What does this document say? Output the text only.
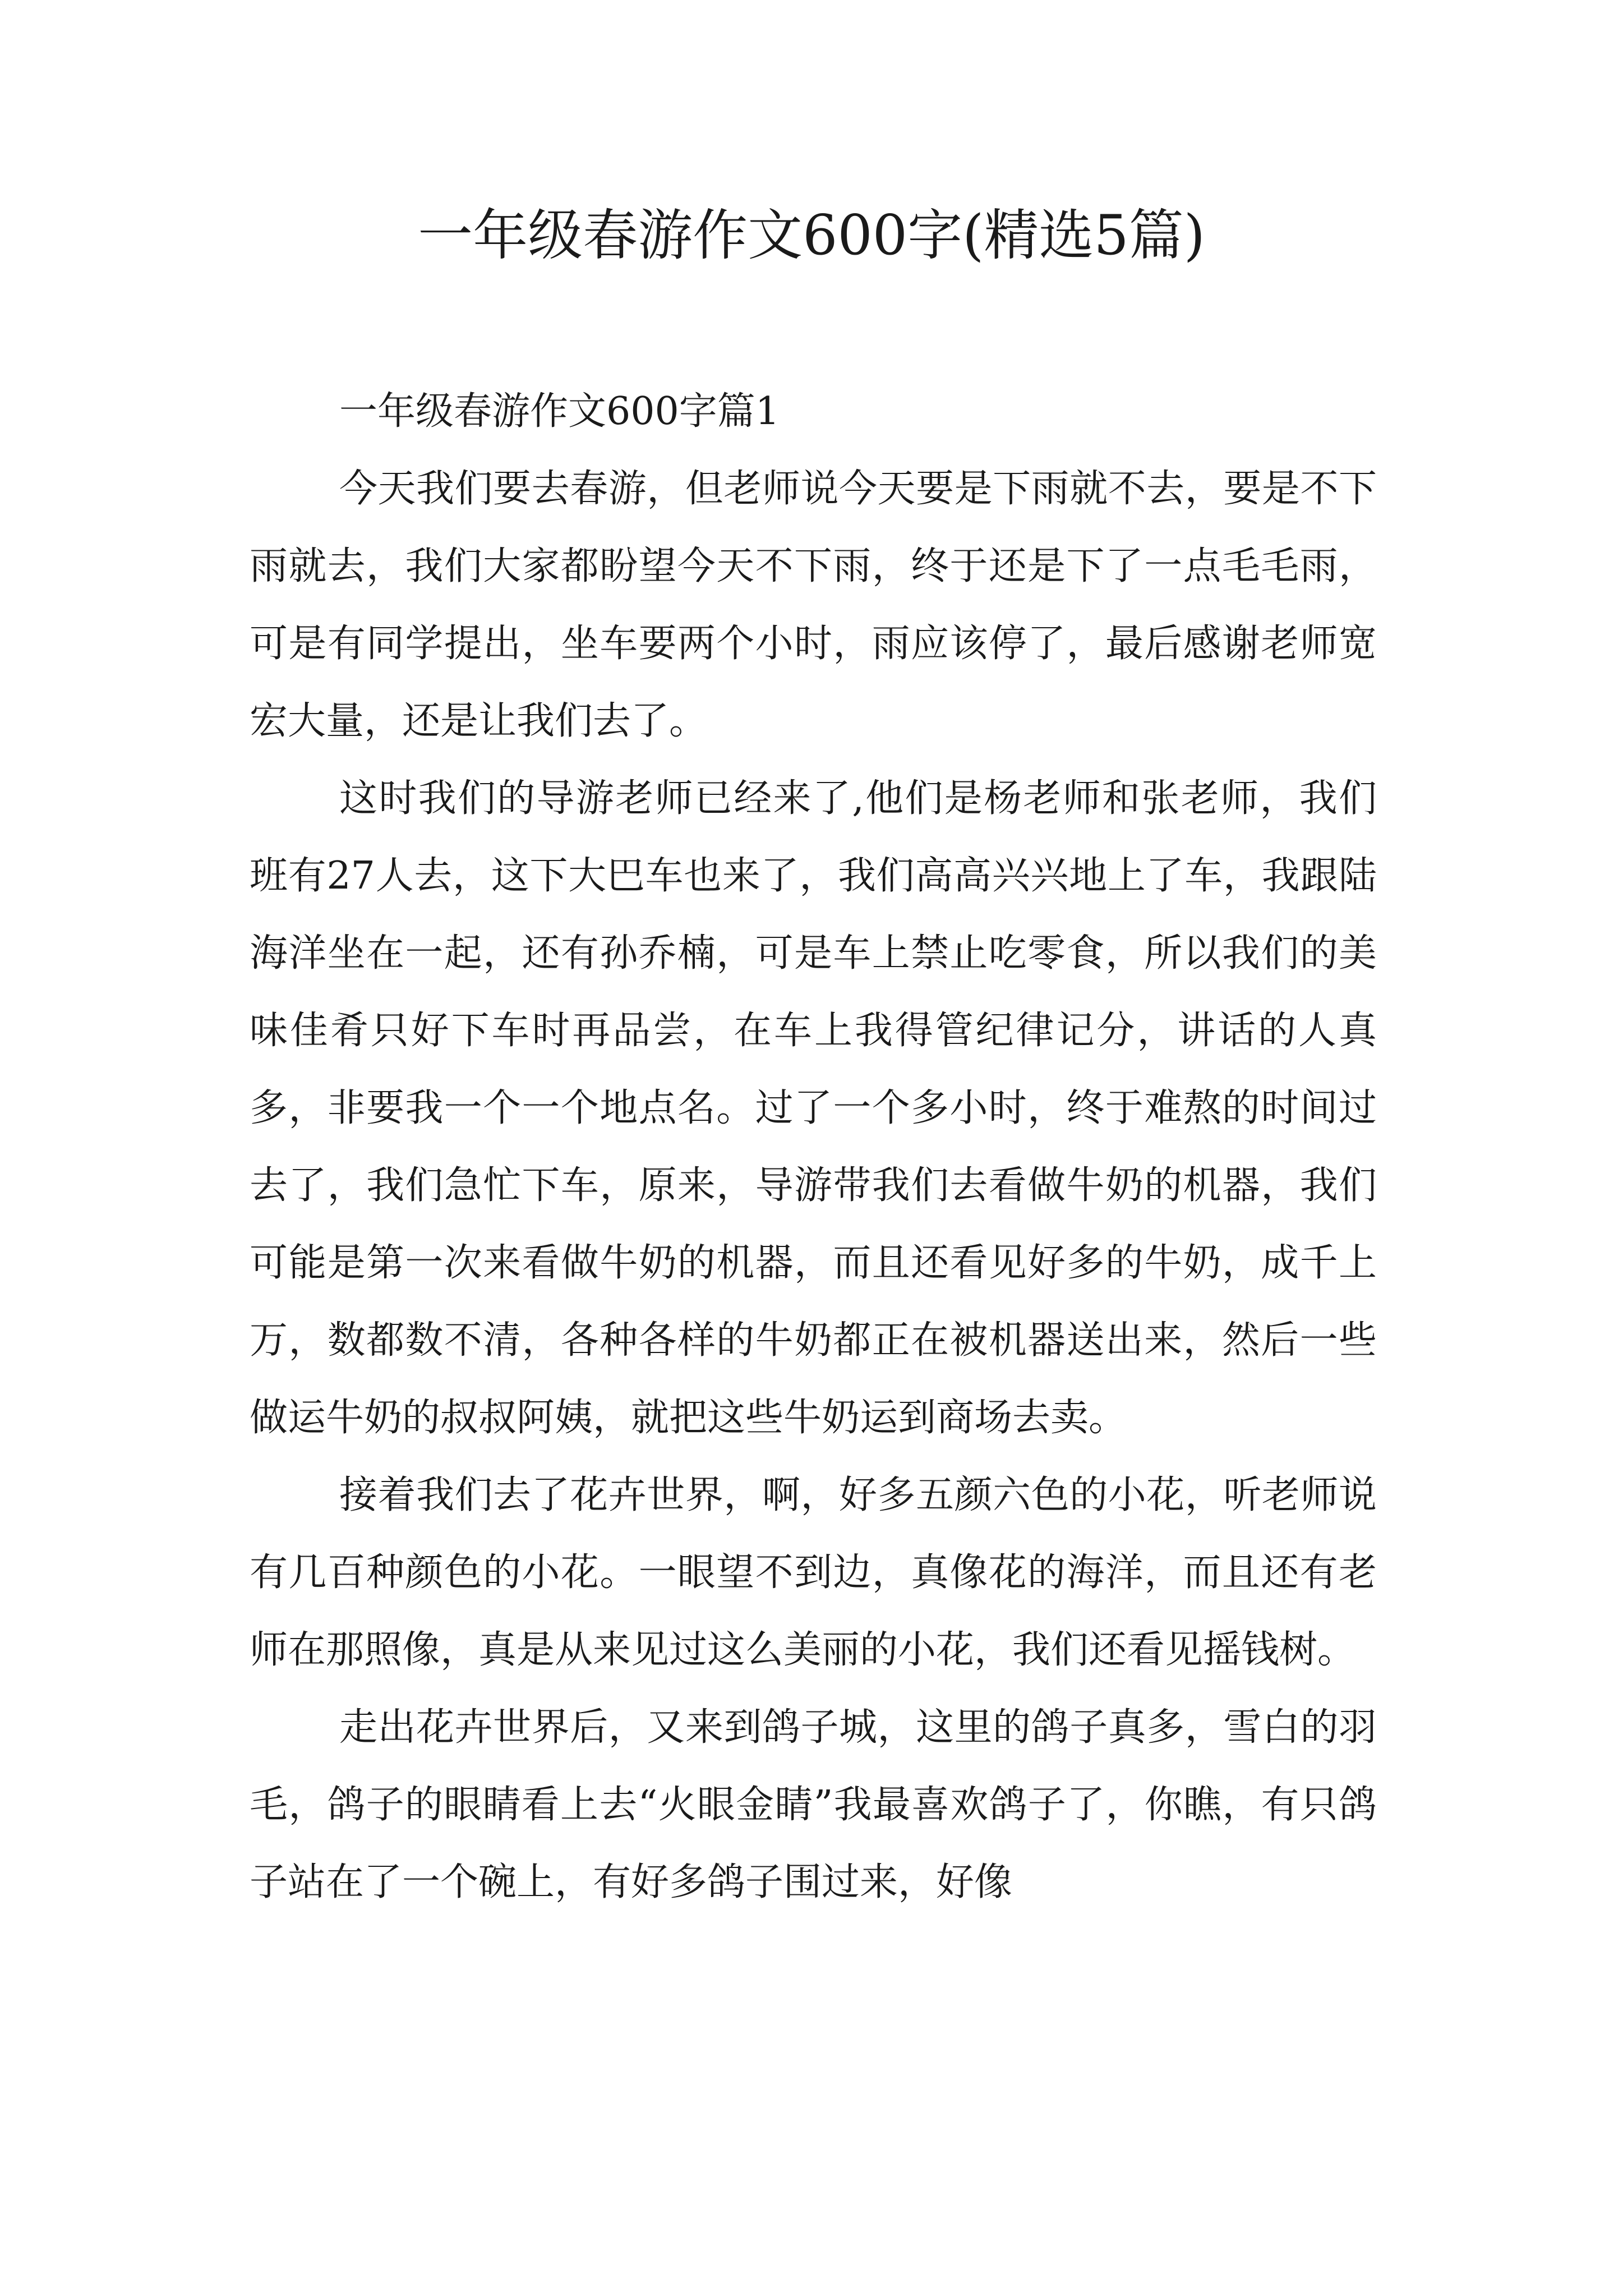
一年级春游作文600字(精选5篇)

一年级春游作文600字篇1

今天我们要去春游，但老师说今天要是下雨就不去，要是不下雨就去，我们大家都盼望今天不下雨，终于还是下了一点毛毛雨，可是有同学提出，坐车要两个小时，雨应该停了，最后感谢老师宽宏大量，还是让我们去了。

这时我们的导游老师已经来了,他们是杨老师和张老师，我们班有27人去，这下大巴车也来了，我们高高兴兴地上了车，我跟陆海洋坐在一起，还有孙乔楠，可是车上禁止吃零食，所以我们的美味佳肴只好下车时再品尝，在车上我得管纪律记分，讲话的人真多，非要我一个一个地点名。过了一个多小时，终于难熬的时间过去了，我们急忙下车，原来，导游带我们去看做牛奶的机器，我们可能是第一次来看做牛奶的机器，而且还看见好多的牛奶，成千上万，数都数不清，各种各样的牛奶都正在被机器送出来，然后一些做运牛奶的叔叔阿姨，就把这些牛奶运到商场去卖。

接着我们去了花卉世界，啊，好多五颜六色的小花，听老师说有几百种颜色的小花。一眼望不到边，真像花的海洋，而且还有老师在那照像，真是从来见过这么美丽的小花，我们还看见摇钱树。

走出花卉世界后，又来到鸽子城，这里的鸽子真多，雪白的羽毛，鸽子的眼睛看上去“火眼金睛”我最喜欢鸽子了，你瞧，有只鸽子站在了一个碗上，有好多鸽子围过来，好像
